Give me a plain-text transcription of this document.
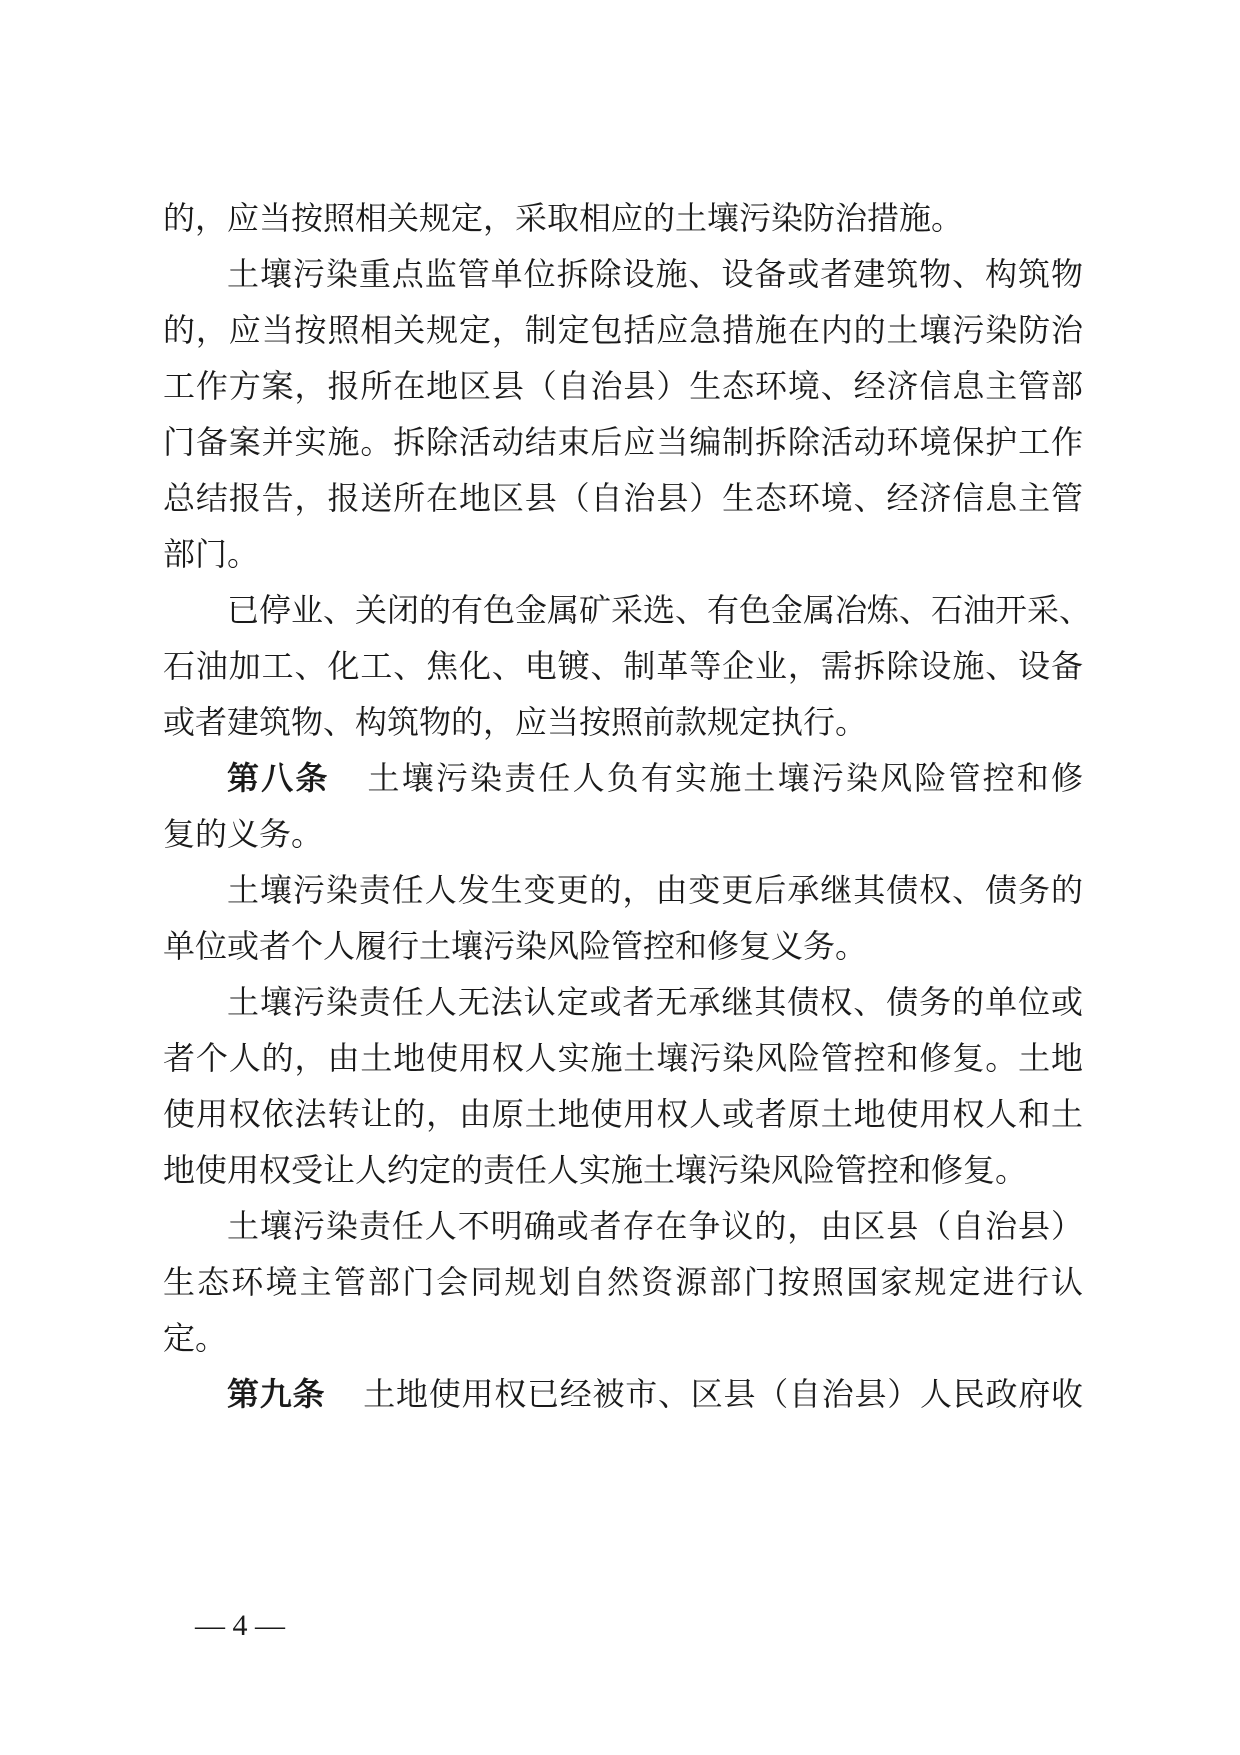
的，应当按照相关规定，采取相应的土壤污染防治措施。
土壤污染重点监管单位拆除设施、设备或者建筑物、构筑物
的，应当按照相关规定，制定包括应急措施在内的土壤污染防治
工作方案，报所在地区县（自治县）生态环境、经济信息主管部
门备案并实施。拆除活动结束后应当编制拆除活动环境保护工作
总结报告，报送所在地区县（自治县）生态环境、经济信息主管
部门。
已停业、关闭的有色金属矿采选、有色金属冶炼、石油开采、
石油加工、化工、焦化、电镀、制革等企业，需拆除设施、设备
或者建筑物、构筑物的，应当按照前款规定执行。
第八条 土壤污染责任人负有实施土壤污染风险管控和修
复的义务。
土壤污染责任人发生变更的，由变更后承继其债权、债务的
单位或者个人履行土壤污染风险管控和修复义务。
土壤污染责任人无法认定或者无承继其债权、债务的单位或
者个人的，由土地使用权人实施土壤污染风险管控和修复。土地
使用权依法转让的，由原土地使用权人或者原土地使用权人和土
地使用权受让人约定的责任人实施土壤污染风险管控和修复。
土壤污染责任人不明确或者存在争议的，由区县（自治县）
生态环境主管部门会同规划自然资源部门按照国家规定进行认
定。
第九条 土地使用权已经被市、区县（自治县）人民政府收
— 4 —
